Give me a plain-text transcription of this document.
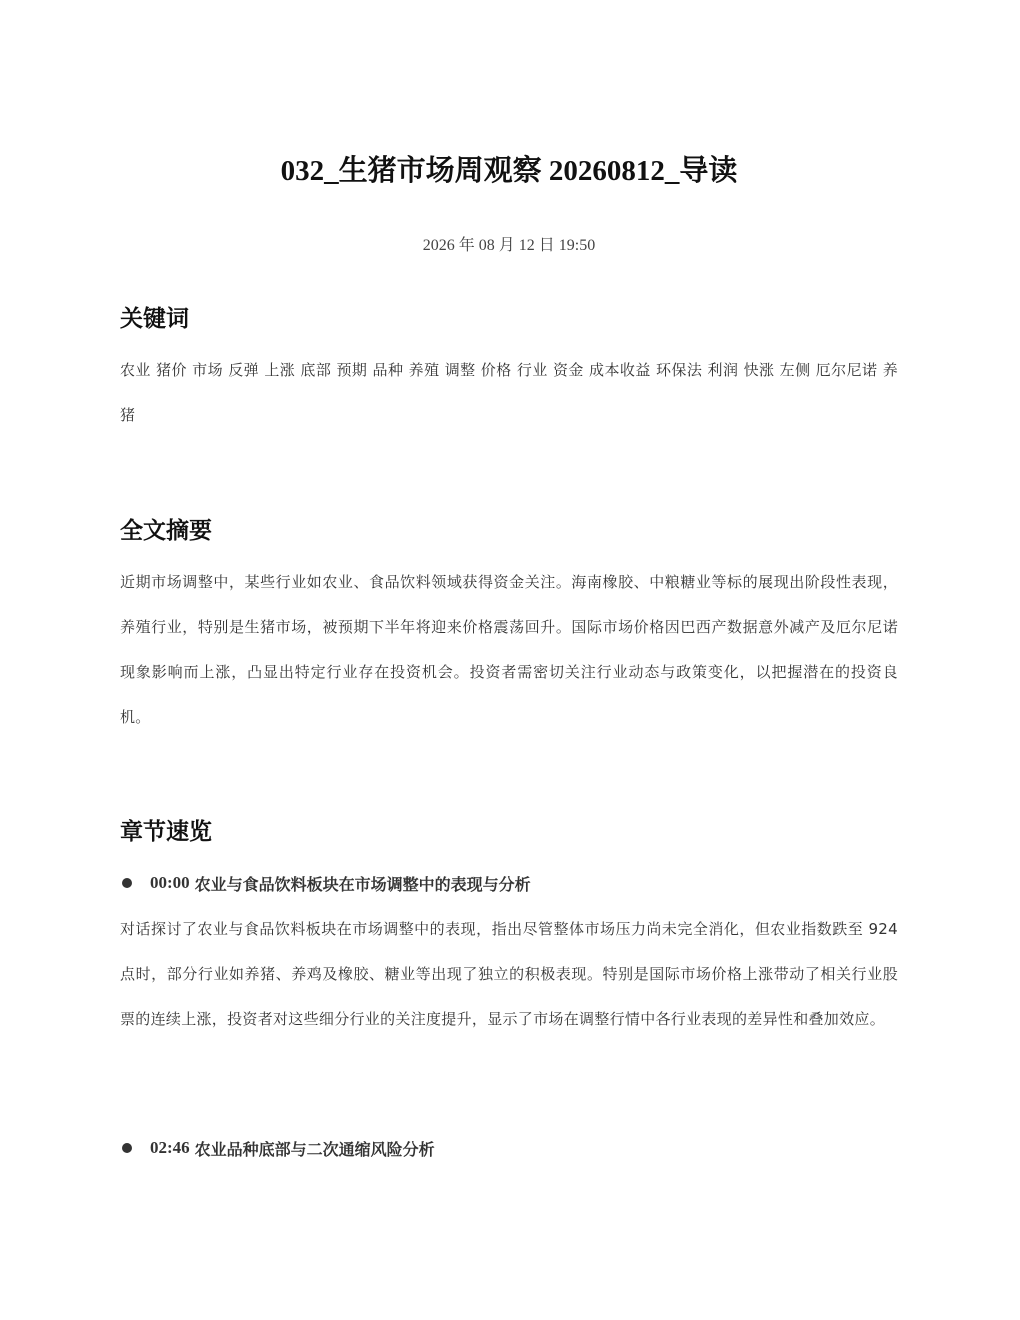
032_生猪市场周观察 20260812_导读
2026 年 08 月 12 日 19:50
关键词

农业 猪价 市场 反弹 上涨 底部 预期 品种 养殖 调整 价格 行业 资金 成本收益 环保法 利润 快涨 左侧 厄尔尼诺 养猪

全文摘要

近期市场调整中，某些行业如农业、食品饮料领域获得资金关注。海南橡胶、中粮糖业等标的展现出阶段性表现，养殖行业，特别是生猪市场，被预期下半年将迎来价格震荡回升。国际市场价格因巴西产数据意外减产及厄尔尼诺现象影响而上涨，凸显出特定行业存在投资机会。投资者需密切关注行业动态与政策变化，以把握潜在的投资良机。

章节速览
00:00 农业与食品饮料板块在市场调整中的表现与分析

对话探讨了农业与食品饮料板块在市场调整中的表现，指出尽管整体市场压力尚未完全消化，但农业指数跌至 924 点时，部分行业如养猪、养鸡及橡胶、糖业等出现了独立的积极表现。特别是国际市场价格上涨带动了相关行业股票的连续上涨，投资者对这些细分行业的关注度提升，显示了市场在调整行情中各行业表现的差异性和叠加效应。

02:46 农业品种底部与二次通缩风险分析
